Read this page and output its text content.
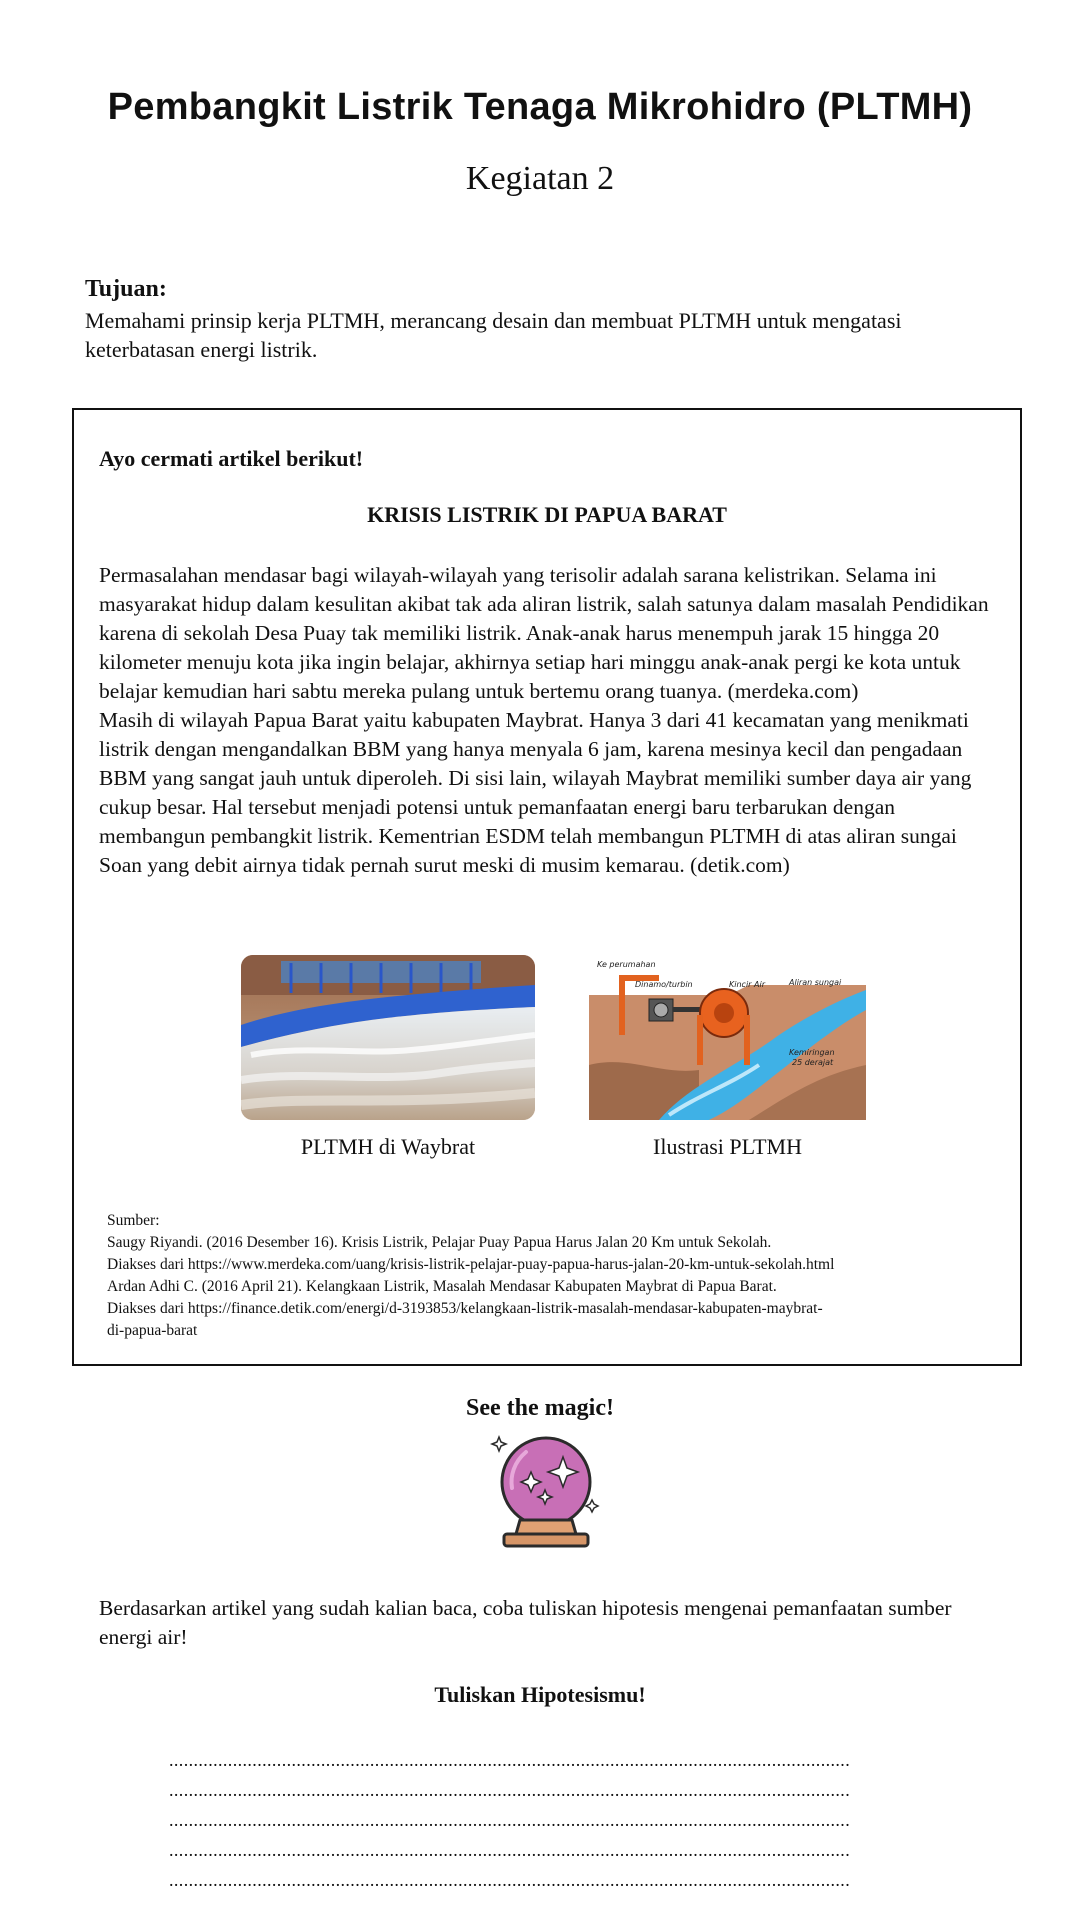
Pembangkit Listrik Tenaga Mikrohidro (PLTMH)
Kegiatan 2
Tujuan:
Memahami prinsip kerja PLTMH, merancang desain dan membuat PLTMH untuk mengatasi keterbatasan energi listrik.
Ayo cermati artikel berikut!
KRISIS LISTRIK DI PAPUA BARAT

Permasalahan mendasar bagi wilayah-wilayah yang terisolir adalah sarana kelistrikan. Selama ini masyarakat hidup dalam kesulitan akibat tak ada aliran listrik, salah satunya dalam masalah Pendidikan karena di sekolah Desa Puay tak memiliki listrik. Anak-anak harus menempuh jarak 15 hingga 20 kilometer menuju kota jika ingin belajar, akhirnya setiap hari minggu anak-anak pergi ke kota untuk belajar kemudian hari sabtu mereka pulang untuk bertemu orang tuanya. (merdeka.com)

Masih di wilayah Papua Barat yaitu kabupaten Maybrat. Hanya 3 dari 41 kecamatan yang menikmati listrik dengan mengandalkan BBM yang hanya menyala 6 jam, karena mesinya kecil dan pengadaan BBM yang sangat jauh untuk diperoleh. Di sisi lain, wilayah Maybrat memiliki sumber daya air yang cukup besar. Hal tersebut menjadi potensi untuk pemanfaatan energi baru terbarukan dengan membangun pembangkit listrik. Kementrian ESDM telah membangun PLTMH di atas aliran sungai Soan yang debit airnya tidak pernah surut meski di musim kemarau. (detik.com)

Ke perumahan
Dinamo/turbin	Kincir Air	Aliran sungai
Kemiringan
25 derajat
PLTMH di Waybrat	Ilustrasi PLTMH
Sumber:
Saugy Riyandi. (2016 Desember 16). Krisis Listrik, Pelajar Puay Papua Harus Jalan 20 Km untuk Sekolah.
Diakses dari https://www.merdeka.com/uang/krisis-listrik-pelajar-puay-papua-harus-jalan-20-km-untuk-sekolah.html
Ardan Adhi C. (2016 April 21). Kelangkaan Listrik, Masalah Mendasar Kabupaten Maybrat di Papua Barat.
Diakses dari https://finance.detik.com/energi/d-3193853/kelangkaan-listrik-masalah-mendasar-kabupaten-maybrat-
di-papua-barat
See the magic!
Berdasarkan artikel yang sudah kalian baca, coba tuliskan hipotesis mengenai pemanfaatan sumber energi air!
Tuliskan Hipotesismu!
...........................................................................................................................................
...........................................................................................................................................
...........................................................................................................................................
...........................................................................................................................................
...........................................................................................................................................
